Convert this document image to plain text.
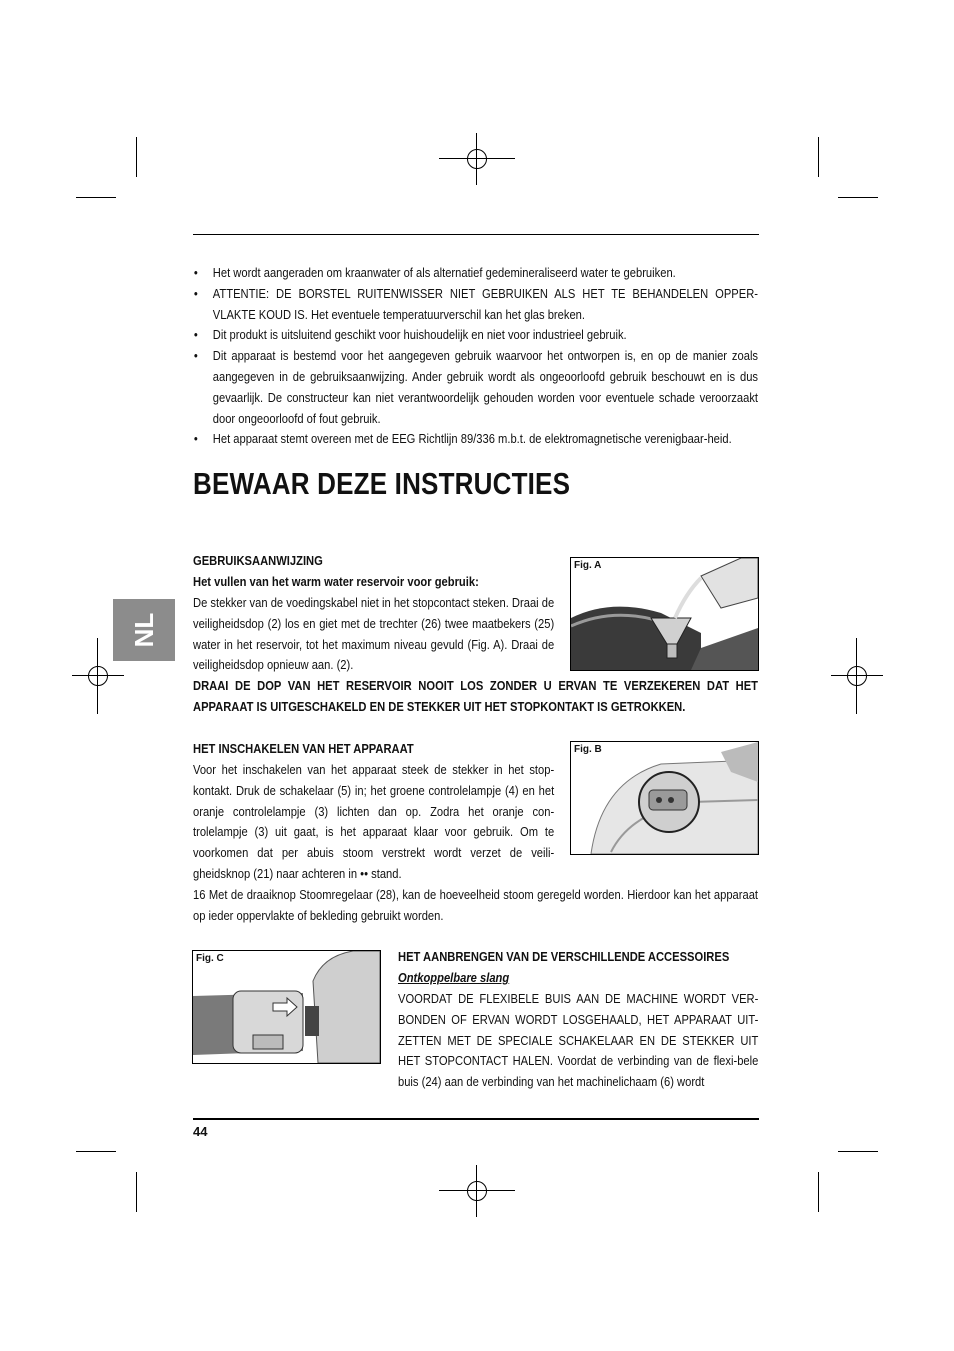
• Het wordt aangeraden om kraanwater of als alternatief gedemineraliseerd water te gebruiken.
• ATTENTIE: DE BORSTEL RUITENWISSER NIET GEBRUIKEN ALS HET TE BEHANDELEN OPPER-VLAKTE KOUD IS. Het eventuele temperatuurverschil kan het glas breken.
• Dit produkt is uitsluitend geschikt voor huishoudelijk en niet voor industrieel gebruik.
• Dit apparaat is bestemd voor het aangegeven gebruik waarvoor het ontworpen is, en op de manier zoals aangegeven in de gebruiksaanwijzing. Ander gebruik wordt als ongeoorloofd gebruik beschouwt en is dus gevaarlijk. De constructeur kan niet verantwoordelijk gehouden worden voor eventuele schade veroorzaakt door ongeoorloofd of fout gebruik.
• Het apparaat stemt overeen met de EEG Richtlijn 89/336 m.b.t. de elektromagnetische verenigbaar-heid.
BEWAAR DEZE INSTRUCTIES
NL
GEBRUIKSAANWIJZING
Het vullen van het warm water reservoir voor gebruik:
De stekker van de voedingskabel niet in het stopcontact steken. Draai de veiligheidsdop (2) los en giet met de trechter (26) twee maatbekers (25) water in het reservoir, tot het maximum niveau gevuld (Fig. A). Draai de veiligheidsdop opnieuw aan. (2).
DRAAI DE DOP VAN HET RESERVOIR NOOIT LOS ZONDER U ERVAN TE VERZEKEREN DAT HET APPARAAT IS UITGESCHAKELD EN DE STEKKER UIT HET STOPKONTAKT IS GETROKKEN.
Fig. A
HET INSCHAKELEN VAN HET APPARAAT
Voor het inschakelen van het apparaat steek de stekker in het stop-kontakt. Druk de schakelaar (5) in; het groene controlelampje (4) en het oranje controlelampje (3) lichten dan op. Zodra het oranje con-trolelampje (3) uit gaat, is het apparaat klaar voor gebruik. Om te voorkomen dat per abuis stoom verstrekt wordt verzet de veili-gheidsknop (21) naar achteren in •• stand.
16 Met de draaiknop Stoomregelaar (28), kan de hoeveelheid stoom geregeld worden. Hierdoor kan het apparaat op ieder oppervlakte of bekleding gebruikt worden.
Fig. B
Fig. C	HET AANBRENGEN VAN DE VERSCHILLENDE ACCESSOIRES
Ontkoppelbare slang
VOORDAT DE FLEXIBELE BUIS AAN DE MACHINE WORDT VER-BONDEN OF ERVAN WORDT LOSGEHAALD, HET APPARAAT UIT-ZETTEN MET DE SPECIALE SCHAKELAAR EN DE STEKKER UIT HET STOPCONTACT HALEN. Voordat de verbinding van de flexi-bele buis (24) aan de verbinding van het machinelichaam (6) wordt
44
